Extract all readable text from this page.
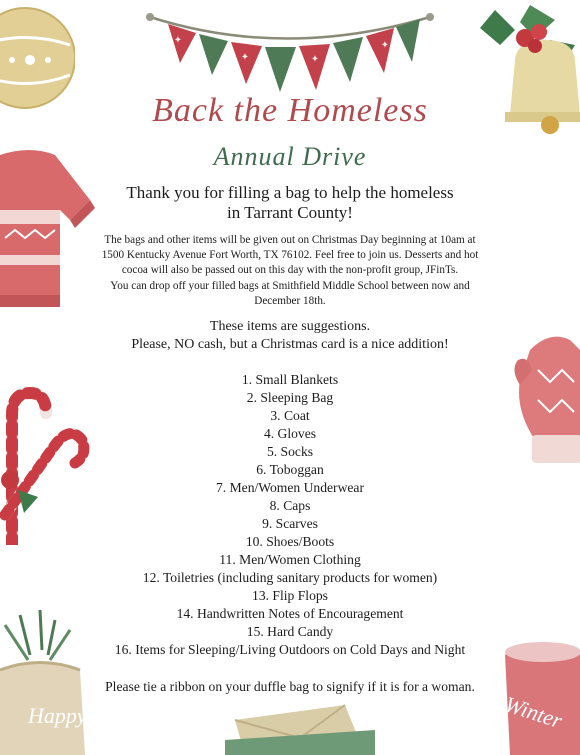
✦
✦	✦
✦
Happy	Winter
Back the Homeless
Annual Drive
Thank you for filling a bag to help the homeless
in Tarrant County!
The bags and other items will be given out on Christmas Day beginning at 10am at
1500 Kentucky Avenue Fort Worth, TX 76102. Feel free to join us. Desserts and hot
cocoa will also be passed out on this day with the non-profit group, JFinTs.
You can drop off your filled bags at Smithfield Middle School between now and
December 18th.
These items are suggestions.
Please, NO cash, but a Christmas card is a nice addition!
1. Small Blankets
2. Sleeping Bag
3. Coat
4. Gloves
5. Socks
6. Toboggan
7. Men/Women Underwear
8. Caps
9. Scarves
10. Shoes/Boots
11. Men/Women Clothing
12. Toiletries (including sanitary products for women)
13. Flip Flops
14. Handwritten Notes of Encouragement
15. Hard Candy
16. Items for Sleeping/Living Outdoors on Cold Days and Night
Please tie a ribbon on your duffle bag to signify if it is for a woman.
